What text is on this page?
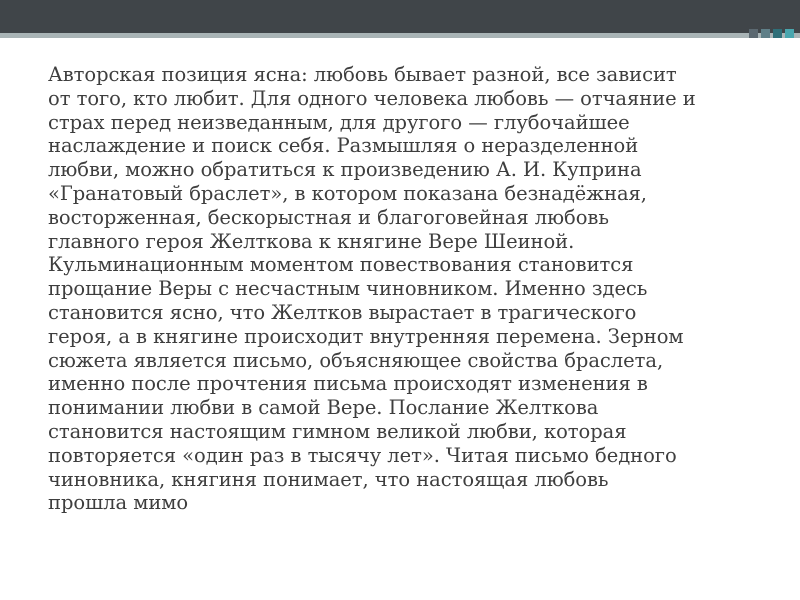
Авторская позиция ясна: любовь бывает разной, все зависит
от того, кто любит. Для одного человека любовь — отчаяние и
страх перед неизведанным, для другого — глубочайшее
наслаждение и поиск себя. Размышляя о неразделенной
любви, можно обратиться к произведению А. И. Куприна
«Гранатовый браслет», в котором показана безнадёжная,
восторженная, бескорыстная и благоговейная любовь
главного героя Желткова к княгине Вере Шеиной.
Кульминационным моментом повествования становится
прощание Веры с несчастным чиновником. Именно здесь
становится ясно, что Желтков вырастает в трагического
героя, а в княгине происходит внутренняя перемена. Зерном
сюжета является письмо, объясняющее свойства браслета,
именно после прочтения письма происходят изменения в
понимании любви в самой Вере. Послание Желткова
становится настоящим гимном великой любви, которая
повторяется «один раз в тысячу лет». Читая письмо бедного
чиновника, княгиня понимает, что настоящая любовь
прошла мимо
